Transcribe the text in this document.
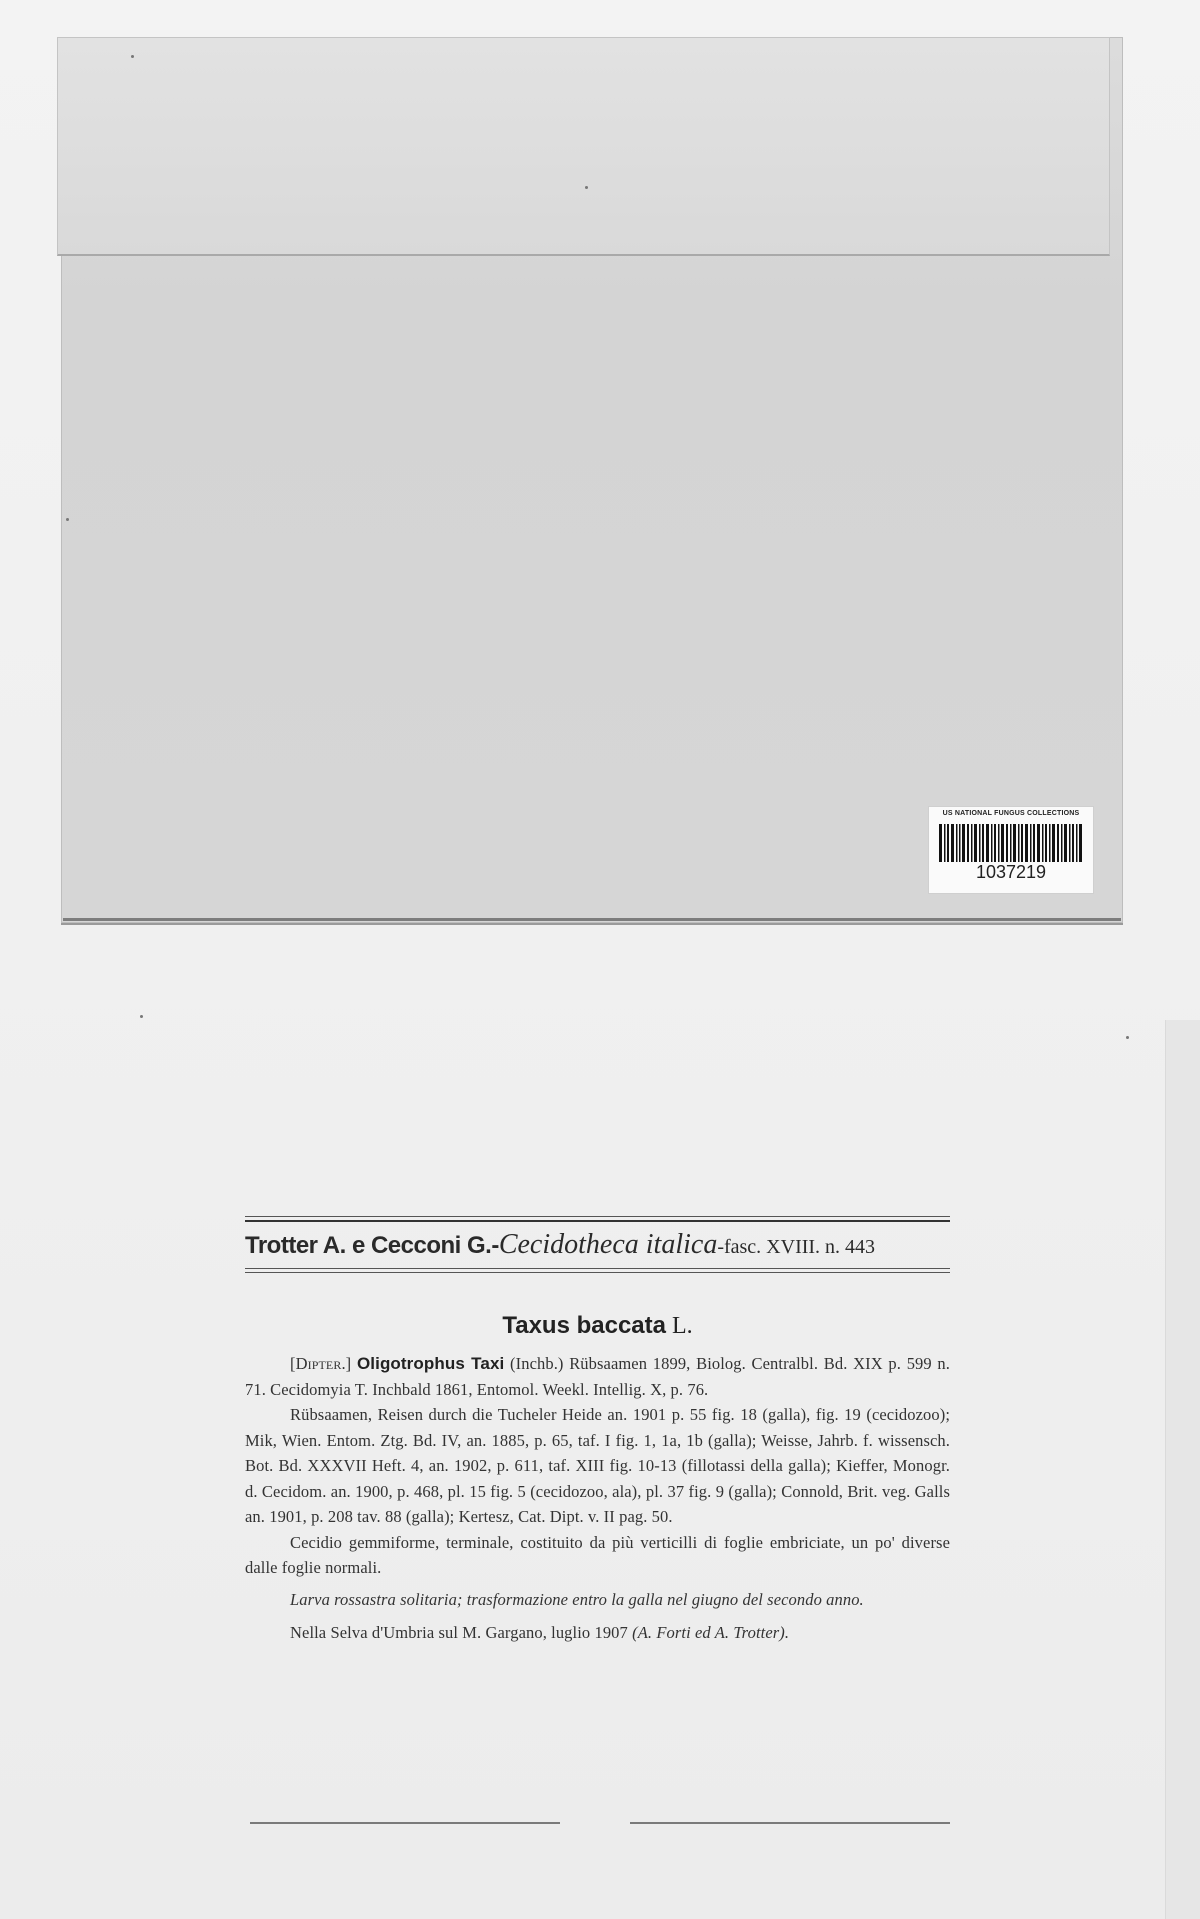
US NATIONAL FUNGUS COLLECTIONS
1037219
Trotter A. e Cecconi G.-Cecidotheca italica-fasc. XVIII. n. 443
Taxus baccata L.

[Dipter.] Oligotrophus Taxi (Inchb.) Rübsaamen 1899, Biolog. Centralbl. Bd. XIX p. 599 n. 71. Cecidomyia T. Inchbald 1861, Entomol. Weekl. Intellig. X, p. 76.

Rübsaamen, Reisen durch die Tucheler Heide an. 1901 p. 55 fig. 18 (galla), fig. 19 (cecidozoo); Mik, Wien. Entom. Ztg. Bd. IV, an. 1885, p. 65, taf. I fig. 1, 1a, 1b (galla); Weisse, Jahrb. f. wissensch. Bot. Bd. XXXVII Heft. 4, an. 1902, p. 611, taf. XIII fig. 10-13 (fillotassi della galla); Kieffer, Monogr. d. Cecidom. an. 1900, p. 468, pl. 15 fig. 5 (cecidozoo, ala), pl. 37 fig. 9 (galla); Connold, Brit. veg. Galls an. 1901, p. 208 tav. 88 (galla); Kertesz, Cat. Dipt. v. II pag. 50.

Cecidio gemmiforme, terminale, costituito da più verticilli di foglie embriciate, un po' diverse dalle foglie normali.

Larva rossastra solitaria; trasformazione entro la galla nel giugno del secondo anno.

Nella Selva d'Umbria sul M. Gargano, luglio 1907 (A. Forti ed A. Trotter).
